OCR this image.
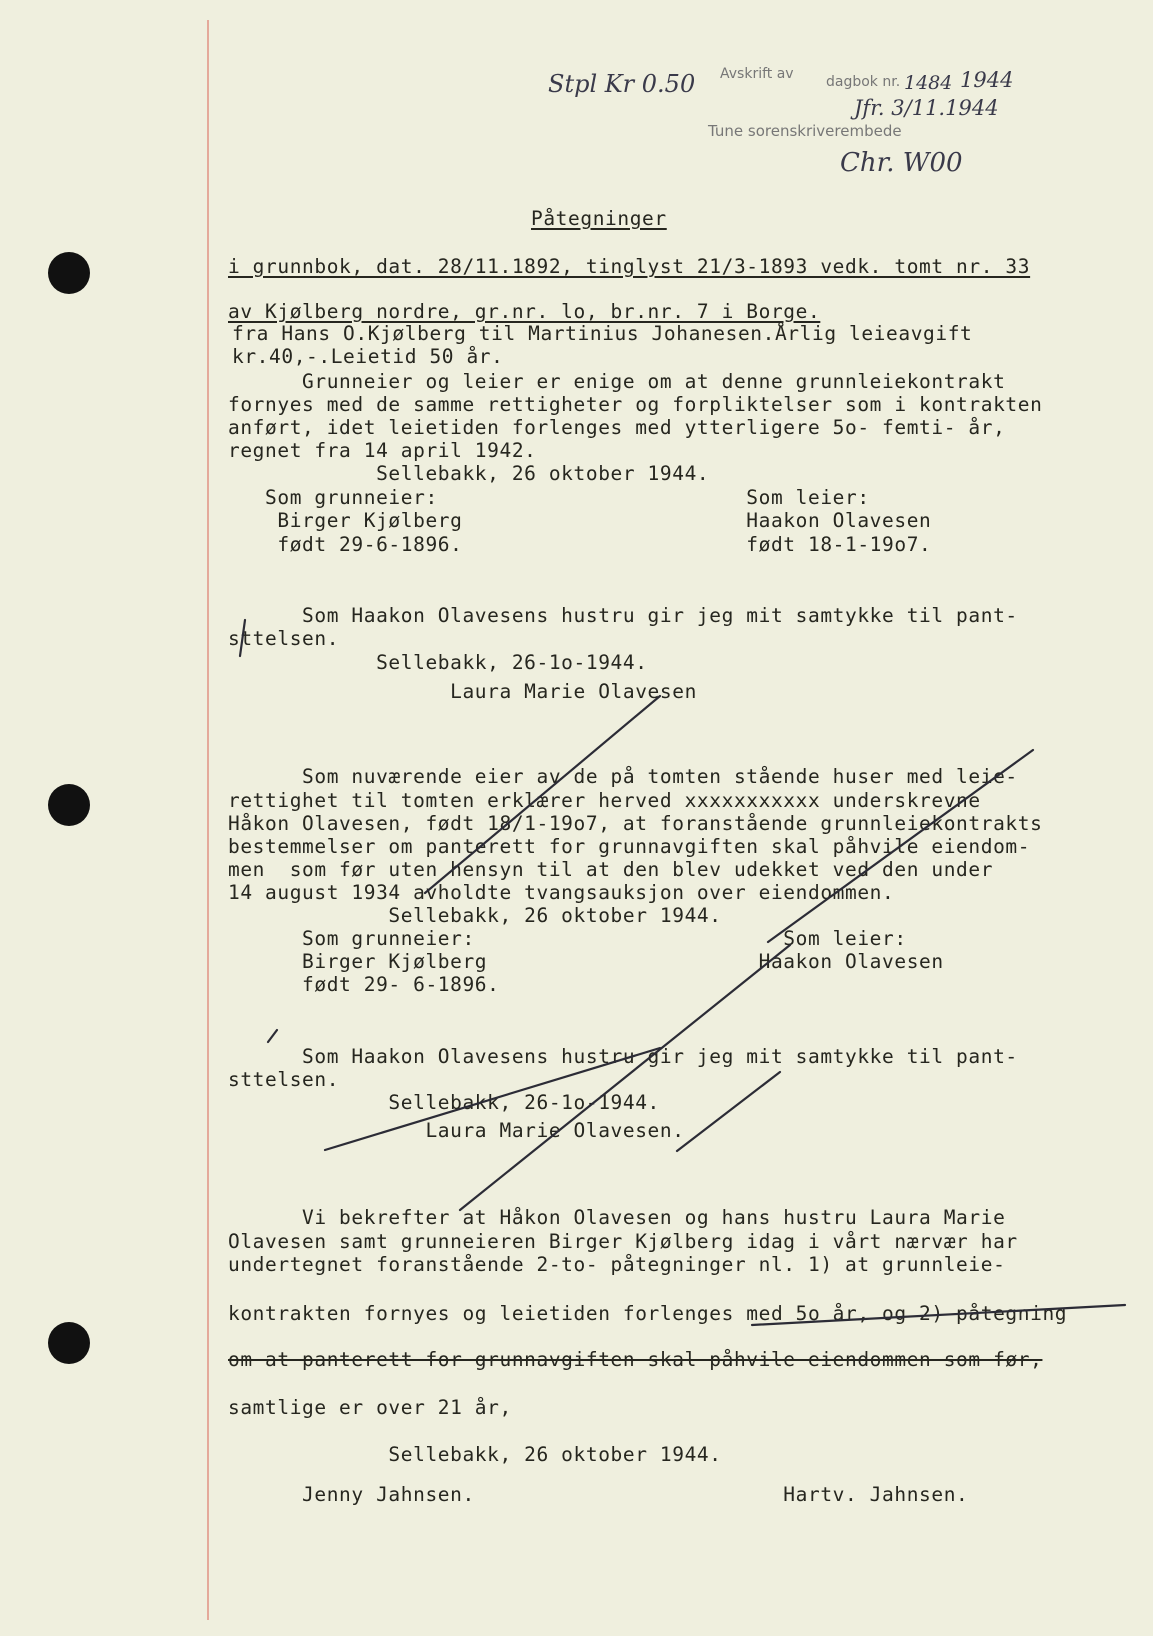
Stpl Kr 0.50 Avskrift av dagbok nr. 1484 1944
Jfr. 3/11.1944
Tune sorenskriverembede
Chr. W00
Påtegninger
i grunnbok, dat. 28/11.1892, tinglyst 21/3-1893 vedk. tomt nr. 33
av Kjølberg nordre, gr.nr. lo, br.nr. 7 i Borge.
fra Hans O.Kjølberg til Martinius Johanesen.Årlig leieavgift
kr.40,-.Leietid 50 år.
Grunneier og leier er enige om at denne grunnleiekontrakt
fornyes med de samme rettigheter og forpliktelser som i kontrakten
anført, idet leietiden forlenges med ytterligere 5o- femti- år,
regnet fra 14 april 1942.
Sellebakk, 26 oktober 1944.
Som grunneier:                         Som leier:
Birger Kjølberg                       Haakon Olavesen
født 29-6-1896.                       født 18-1-19o7.
Som Haakon Olavesens hustru gir jeg mit samtykke til pant-
sttelsen.
Sellebakk, 26-1o-1944.
Laura Marie Olavesen
Som nuværende eier av de på tomten stående huser med leie-
rettighet til tomten erklærer herved xxxxxxxxxxx underskrevne
Håkon Olavesen, født 18/1-19o7, at foranstående grunnleiekontrakts
bestemmelser om panterett for grunnavgiften skal påhvile eiendom-
men  som før uten hensyn til at den blev udekket ved den under
14 august 1934 avholdte tvangsauksjon over eiendommen.
Sellebakk, 26 oktober 1944.
Som grunneier:                         Som leier:
Birger Kjølberg                      Haakon Olavesen
født 29- 6-1896.
Som Haakon Olavesens hustru gir jeg mit samtykke til pant-
sttelsen.
Sellebakk, 26-1o-1944.
Laura Marie Olavesen.
Vi bekrefter at Håkon Olavesen og hans hustru Laura Marie
Olavesen samt grunneieren Birger Kjølberg idag i vårt nærvær har
undertegnet foranstående 2-to- påtegninger nl. 1) at grunnleie-
kontrakten fornyes og leietiden forlenges med 5o år, og 2) påtegning
om at panterett for grunnavgiften skal påhvile eiendommen som før,
samtlige er over 21 år,
Sellebakk, 26 oktober 1944.
Jenny Jahnsen.                         Hartv. Jahnsen.
